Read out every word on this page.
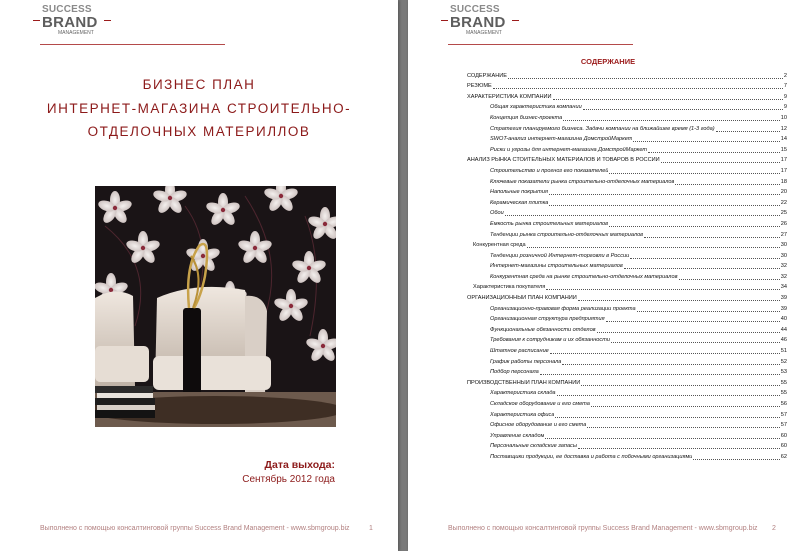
SUCCESS
BRAND
MANAGEMENT
БИЗНЕС ПЛАН
ИНТЕРНЕТ-МАГАЗИНА СТРОИТЕЛЬНО-
ОТДЕЛОЧНЫХ МАТЕРИЛЛОВ
Дата выхода:
Сентябрь 2012 года
Выполнено с помощью консалтинговой группы Success Brand Management - www.sbmgroup.biz	1
SUCCESS
BRAND
MANAGEMENT
СОДЕРЖАНИЕ
СОДЕРЖАНИЕ	2
РЕЗЮМЕ	7
ХАРАКТЕРИСТИКА КОМПАНИИ	9
Общая характеристика компании	9
Концепция бизнес-проекта	10
Стратегия планируемого бизнеса. Задачи компании на ближайшее время (1-3 года)	12
SWOT-анализ интернет-магазина ДомстройМаркет	14
Риски и угрозы для интернет-магазина ДомстройМаркет	15
АНАЛИЗ РЫНКА СТОИТЕЛЬНЫХ МАТЕРИАЛОВ И ТОВАРОВ В РОССИИ	17
Строительство и прогноз его показателей	17
Ключевые показатели рынка строительно-отделочных материалов	18
Напольные покрытия	20
Керамическая плитка	22
Обои	25
Емкость рынка строительных материалов	26
Тенденции рынка строительно-отделочных материалов	27
Конкурентная среда	30
Тенденции розничной Интернет-торговли в России	30
Интернет-магазины строительных материалов	32
Конкурентная среда на рынке строительно-отделочных материалов	32
Характеристика покупателя	34
ОРГАНИЗАЦИОННЫЙ ПЛАН КОМПАНИИ	39
Организационно-правовая форма реализации проекта	39
Организационная структура предприятия	40
Функциональные обязанности отделов	44
Требования к сотрудникам и их обязанности	46
Штатное расписание	51
График работы персонала	52
Подбор персонала	53
ПРОИЗВОДСТВЕННЫЙ ПЛАН КОМПАНИИ	55
Характеристика склада	55
Складское оборудование и его смета	56
Характеристика офиса	57
Офисное оборудование и его смета	57
Управление складом	60
Персональные складские запасы	60
Поставщики продукции, ее доставка и работа с побочными организациями	62
Выполнено с помощью консалтинговой группы Success Brand Management - www.sbmgroup.biz 2
